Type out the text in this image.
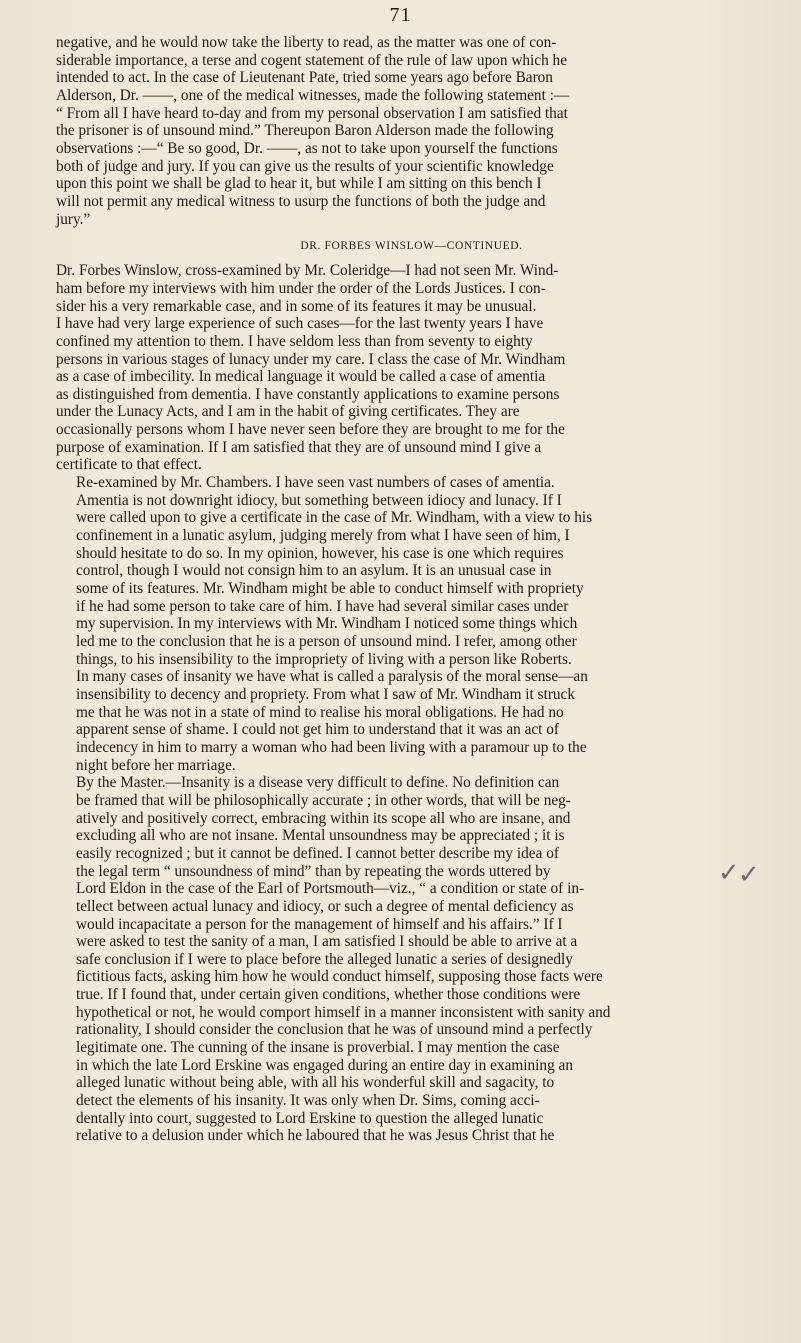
71

negative, and he would now take the liberty to read, as the matter was one of con-
siderable importance, a terse and cogent statement of the rule of law upon which he
intended to act. In the case of Lieutenant Pate, tried some years ago before Baron
Alderson, Dr. ——, one of the medical witnesses, made the following statement :—
“ From all I have heard to-day and from my personal observation I am satisfied that
the prisoner is of unsound mind.” Thereupon Baron Alderson made the following
observations :—“ Be so good, Dr. ——, as not to take upon yourself the functions
both of judge and jury. If you can give us the results of your scientific knowledge
upon this point we shall be glad to hear it, but while I am sitting on this bench I
will not permit any medical witness to usurp the functions of both the judge and
jury.”

DR. FORBES WINSLOW—CONTINUED.

Dr. Forbes Winslow, cross-examined by Mr. Coleridge—I had not seen Mr. Wind-
ham before my interviews with him under the order of the Lords Justices. I con-
sider his a very remarkable case, and in some of its features it may be unusual.
I have had very large experience of such cases—for the last twenty years I have
confined my attention to them. I have seldom less than from seventy to eighty
persons in various stages of lunacy under my care. I class the case of Mr. Windham
as a case of imbecility. In medical language it would be called a case of amentia
as distinguished from dementia. I have constantly applications to examine persons
under the Lunacy Acts, and I am in the habit of giving certificates. They are
occasionally persons whom I have never seen before they are brought to me for the
purpose of examination. If I am satisfied that they are of unsound mind I give a
certificate to that effect.

Re-examined by Mr. Chambers. I have seen vast numbers of cases of amentia.
Amentia is not downright idiocy, but something between idiocy and lunacy. If I
were called upon to give a certificate in the case of Mr. Windham, with a view to his
confinement in a lunatic asylum, judging merely from what I have seen of him, I
should hesitate to do so. In my opinion, however, his case is one which requires
control, though I would not consign him to an asylum. It is an unusual case in
some of its features. Mr. Windham might be able to conduct himself with propriety
if he had some person to take care of him. I have had several similar cases under
my supervision. In my interviews with Mr. Windham I noticed some things which
led me to the conclusion that he is a person of unsound mind. I refer, among other
things, to his insensibility to the impropriety of living with a person like Roberts.
In many cases of insanity we have what is called a paralysis of the moral sense—an
insensibility to decency and propriety. From what I saw of Mr. Windham it struck
me that he was not in a state of mind to realise his moral obligations. He had no
apparent sense of shame. I could not get him to understand that it was an act of
indecency in him to marry a woman who had been living with a paramour up to the
night before her marriage.

By the Master.—Insanity is a disease very difficult to define. No definition can
be framed that will be philosophically accurate ; in other words, that will be neg-
atively and positively correct, embracing within its scope all who are insane, and
excluding all who are not insane. Mental unsoundness may be appreciated ; it is
easily recognized ; but it cannot be defined. I cannot better describe my idea of
the legal term “ unsoundness of mind” than by repeating the words uttered by
Lord Eldon in the case of the Earl of Portsmouth—viz., “ a condition or state of in-
tellect between actual lunacy and idiocy, or such a degree of mental deficiency as
would incapacitate a person for the management of himself and his affairs.” If I
were asked to test the sanity of a man, I am satisfied I should be able to arrive at a
safe conclusion if I were to place before the alleged lunatic a series of designedly
fictitious facts, asking him how he would conduct himself, supposing those facts were
true. If I found that, under certain given conditions, whether those conditions were
hypothetical or not, he would comport himself in a manner inconsistent with sanity and
rationality, I should consider the conclusion that he was of unsound mind a perfectly
legitimate one. The cunning of the insane is proverbial. I may mention the case
in which the late Lord Erskine was engaged during an entire day in examining an
alleged lunatic without being able, with all his wonderful skill and sagacity, to
detect the elements of his insanity. It was only when Dr. Sims, coming acci-
dentally into court, suggested to Lord Erskine to question the alleged lunatic
relative to a delusion under which he laboured that he was Jesus Christ that he

✓
✓
